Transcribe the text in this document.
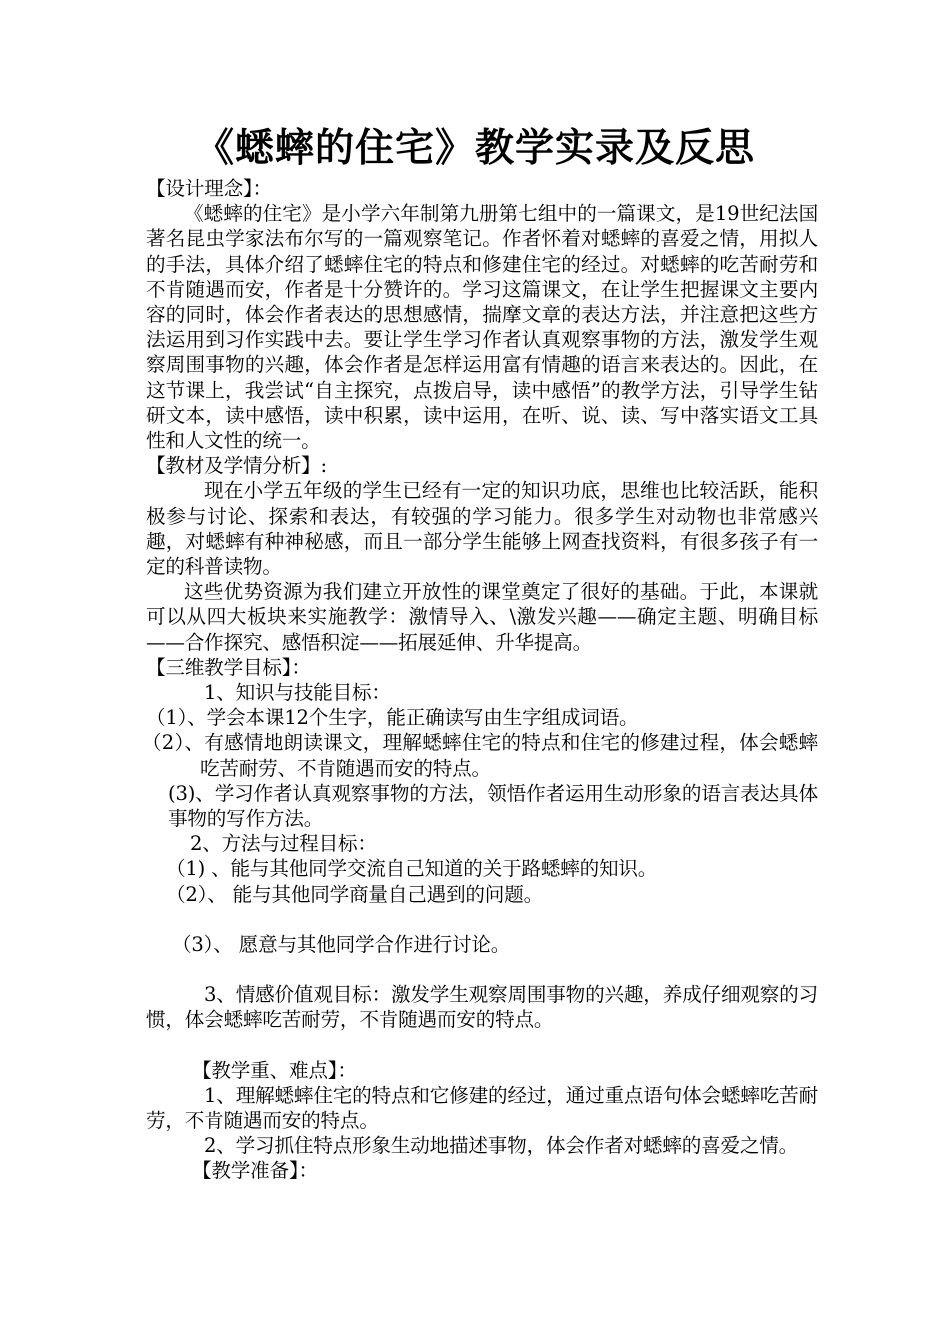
《蟋蟀的住宅》教学实录及反思

【设计理念】：

《蟋蟀的住宅》是小学六年制第九册第七组中的一篇课文，是19世纪法国著名昆虫学家法布尔写的一篇观察笔记。作者怀着对蟋蟀的喜爱之情，用拟人的手法，具体介绍了蟋蟀住宅的特点和修建住宅的经过。对蟋蟀的吃苦耐劳和不肯随遇而安，作者是十分赞许的。学习这篇课文，在让学生把握课文主要内容的同时，体会作者表达的思想感情，揣摩文章的表达方法，并注意把这些方法运用到习作实践中去。要让学生学习作者认真观察事物的方法，激发学生观察周围事物的兴趣，体会作者是怎样运用富有情趣的语言来表达的。因此，在这节课上，我尝试“自主探究，点拨启导，读中感悟”的教学方法，引导学生钻研文本，读中感悟，读中积累，读中运用，在听、说、读、写中落实语文工具性和人文性的统一。

【教材及学情分析】:

现在小学五年级的学生已经有一定的知识功底，思维也比较活跃，能积极参与讨论、探索和表达，有较强的学习能力。很多学生对动物也非常感兴趣，对蟋蟀有种神秘感，而且一部分学生能够上网查找资料，有很多孩子有一定的科普读物。

这些优势资源为我们建立开放性的课堂奠定了很好的基础。于此，本课就可以从四大板块来实施教学：激情导入、\激发兴趣——确定主题、明确目标——合作探究、感悟积淀——拓展延伸、升华提高。

【三维教学目标】：

1、知识与技能目标：

（1）、学会本课12个生字，能正确读写由生字组成词语。

（2）、有感情地朗读课文，理解蟋蟀住宅的特点和住宅的修建过程，体会蟋蟀吃苦耐劳、不肯随遇而安的特点。

(3)、学习作者认真观察事物的方法，领悟作者运用生动形象的语言表达具体事物的写作方法。

2、方法与过程目标：

（1) 、能与其他同学交流自己知道的关于路蟋蟀的知识。

（2）、 能与其他同学商量自己遇到的问题。

（3）、 愿意与其他同学合作进行讨论。

3、情感价值观目标：激发学生观察周围事物的兴趣，养成仔细观察的习惯，体会蟋蟀吃苦耐劳，不肯随遇而安的特点。

【教学重、难点】：

1、理解蟋蟀住宅的特点和它修建的经过，通过重点语句体会蟋蟀吃苦耐劳，不肯随遇而安的特点。

2、学习抓住特点形象生动地描述事物，体会作者对蟋蟀的喜爱之情。

【教学准备】：
